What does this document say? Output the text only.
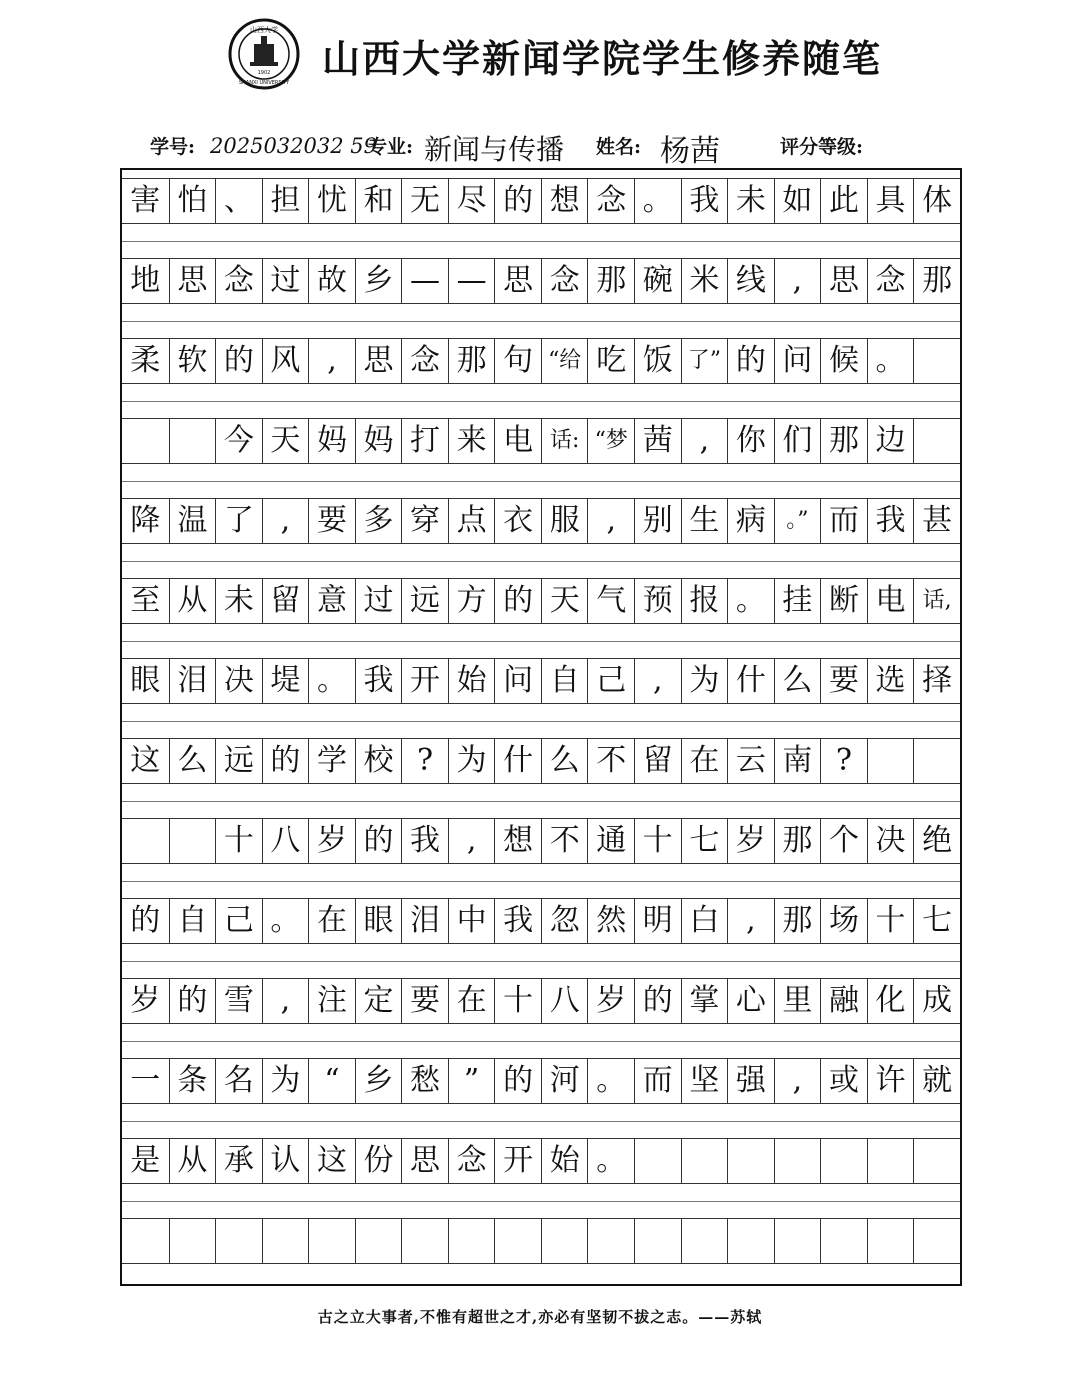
山西大学
1902
SHANXI UNIVERSITY
山西大学新闻学院学生修养随笔
学号: 2025032032 59
专业: 新闻与传播 姓名: 杨茜	评分等级:
害 怕 、 担 忧 和 无 尽 的 想 念 。 我 未 如 此 具 体
地 思 念 过 故 乡 — — 思 念 那 碗 米 线 , 思 念 那
柔 软 的 风 , 思 念 那 句 “给 吃 饭 了” 的 问 候 。
今 天 妈 妈 打 来 电 话: “梦 茜 , 你 们 那 边
降 温 了 , 要 多 穿 点 衣 服 , 别 生 病 。” 而 我 甚
至 从 未 留 意 过 远 方 的 天 气 预 报 。 挂 断 电 话,
眼 泪 决 堤 。 我 开 始 问 自 己 , 为 什 么 要 选 择
这 么 远 的 学 校 ? 为 什 么 不 留 在 云 南 ?
十 八 岁 的 我 , 想 不 通 十 七 岁 那 个 决 绝
的 自 己 。 在 眼 泪 中 我 忽 然 明 白 , 那 场 十 七
岁 的 雪 , 注 定 要 在 十 八 岁 的 掌 心 里 融 化 成
一 条 名 为 “ 乡 愁 ” 的 河 。 而 坚 强 , 或 许 就
是 从 承 认 这 份 思 念 开 始 。
古之立大事者,不惟有超世之才,亦必有坚韧不拔之志。——苏轼
